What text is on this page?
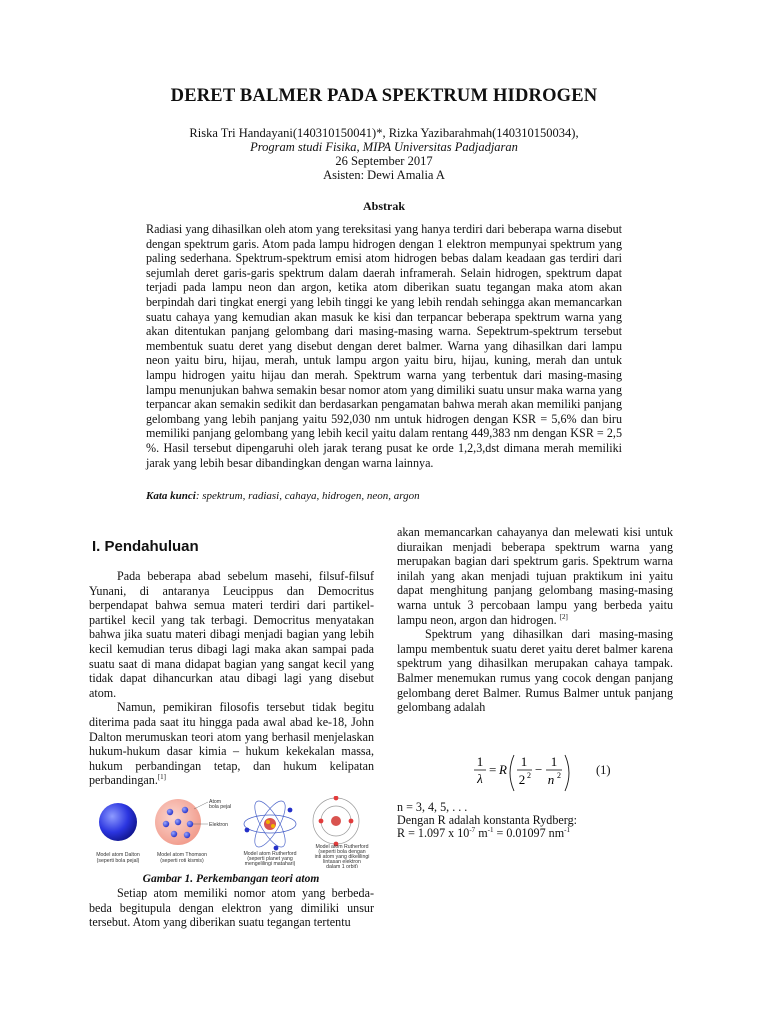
DERET BALMER PADA SPEKTRUM HIDROGEN
Riska Tri Handayani(140310150041)*, Rizka Yazibarahmah(140310150034),
Program studi Fisika, MIPA Universitas Padjadjaran
26 September 2017
Asisten: Dewi Amalia A
Abstrak
Radiasi yang dihasilkan oleh atom yang tereksitasi yang hanya terdiri dari beberapa warna disebut dengan spektrum garis. Atom pada lampu hidrogen dengan 1 elektron mempunyai spektrum yang paling sederhana. Spektrum-spektrum emisi atom hidrogen bebas dalam keadaan gas terdiri dari sejumlah deret garis-garis spektrum dalam daerah inframerah. Selain hidrogen, spektrum dapat terjadi pada lampu neon dan argon, ketika atom diberikan suatu tegangan maka atom akan berpindah dari tingkat energi yang lebih tinggi ke yang lebih rendah sehingga akan memancarkan suatu cahaya yang kemudian akan masuk ke kisi dan terpancar beberapa spektrum warna yang akan ditentukan panjang gelombang dari masing-masing warna. Sepektrum-spektrum tersebut membentuk suatu deret yang disebut dengan deret balmer. Warna yang dihasilkan dari lampu neon yaitu biru, hijau, merah, untuk lampu argon yaitu biru, hijau, kuning, merah dan untuk lampu hidrogen yaitu hijau dan merah. Spektrum warna yang terbentuk dari masing-masing lampu menunjukan bahwa semakin besar nomor atom yang dimiliki suatu unsur maka warna yang terpancar akan semakin sedikit dan berdasarkan pengamatan bahwa merah akan memiliki panjang gelombang yang lebih panjang yaitu 592,030 nm untuk hidrogen dengan KSR = 5,6% dan biru memiliki panjang gelombang yang lebih kecil yaitu dalam rentang 449,383 nm dengan KSR = 2,5 %. Hasil tersebut dipengaruhi oleh jarak terang pusat ke orde 1,2,3,dst dimana merah memiliki jarak yang lebih besar dibandingkan dengan warna lainnya.
Kata kunci: spektrum, radiasi, cahaya, hidrogen, neon, argon
I. Pendahuluan

Pada beberapa abad sebelum masehi, filsuf-filsuf Yunani, di antaranya Leucippus dan Democritus berpendapat bahwa semua materi terdiri dari partikel-partikel kecil yang tak terbagi. Democritus menyatakan bahwa jika suatu materi dibagi menjadi bagian yang lebih kecil kemudian terus dibagi lagi maka akan sampai pada suatu saat di mana didapat bagian yang sangat kecil yang tidak dapat dihancurkan atau dibagi lagi yang disebut atom.

Namun, pemikiran filosofis tersebut tidak begitu diterima pada saat itu hingga pada awal abad ke-18, John Dalton merumuskan teori atom yang berhasil menjelaskan hukum-hukum dasar kimia – hukum kekekalan massa, hukum perbandingan tetap, dan hukum kelipatan perbandingan.[1]

Model atom Dalton
(seperti bola pejal)
Atom
bola pejal
Elektron
Model atom Thomson
(seperti roti kismis)
Model atom Rutherford
(seperti planet yang
mengelilingi matahari)
Model atom Rutherford
(seperti bola dengan
inti atom yang dikelilingi
lintasan elektron
dalam 1 orbit)
Gambar 1. Perkembangan teori atom

Setiap atom memiliki nomor atom yang berbeda-beda begitupula dengan elektron yang dimiliki unsur tersebut. Atom yang diberikan suatu tegangan tertentu

akan memancarkan cahayanya dan melewati kisi untuk diuraikan menjadi beberapa spektrum warna yang merupakan bagian dari spektrum garis. Spektrum warna inilah yang akan menjadi tujuan praktikum ini yaitu dapat menghitung panjang gelombang masing-masing warna untuk 3 percobaan lampu yang berbeda yaitu lampu neon, argon dan hidrogen. [2]

Spektrum yang dihasilkan dari masing-masing lampu membentuk suatu deret yaitu deret balmer karena spektrum yang dihasilkan merupakan cahaya tampak. Balmer menemukan rumus yang cocok dengan panjang gelombang deret Balmer. Rumus Balmer untuk panjang gelombang adalah

1
λ
= R
1
2 2 −
1
n 2	(1)
n = 3, 4, 5, . . .
Dengan R adalah konstanta Rydberg:
R = 1.097 x $10^{-7}$ $m^{-1} = 0.01097$ $nm^{-1}$
